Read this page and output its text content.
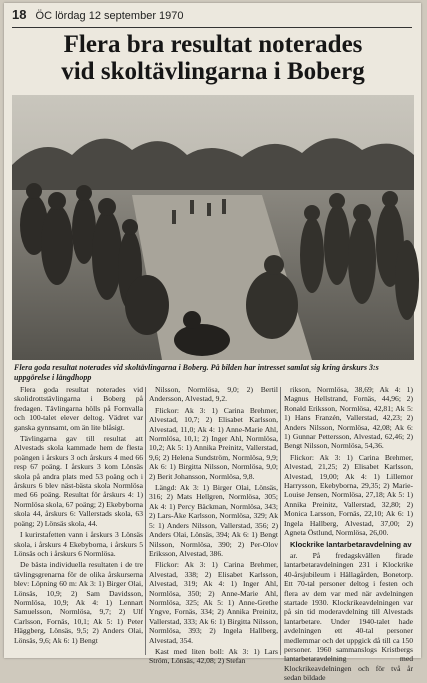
18 ÖC lördag 12 september 1970
Flera bra resultat noterades
vid skoltävlingarna i Boberg
Flera goda resultat noterades vid skoltävlingarna i Boberg. På bilden har intresset samlat sig kring årskurs 3:s uppgörelse i längdhopp

Flera goda resultat noterades vid skolidrottstävlingarna i Boberg på fredagen. Tävlingarna hölls på Fornvalla och 100-talet elever deltog. Vädret var ganska gynnsamt, om än lite blåsigt.

Tävlingarna gav till resultat att Alvestads skola kammade hem de flesta poängen i årskurs 3 och årskurs 4 med 66 resp 67 poäng. I årskurs 3 kom Lönsäs skola på andra plats med 53 poäng och i årskurs 6 blev näst-bästa skola Normlösa med 66 poäng. Resultat för årskurs 4: 1) Normlösa skola, 67 poäng; 2) Ekebyborna skola 44, årskurs 6: Vallerstads skola, 63 poäng; 2) Lönsäs skola, 44.

I kurirstafetten vann i årskurs 3 Lönsäs skola, i årskurs 4 Ekebyborna, i årskurs 5 Lönsäs och i årskurs 6 Normlösa.

De bästa individuella resultaten i de tre tävlingsgrenarna för de olika årskurserna blev: Löpning 60 m: Ak 3: 1) Birger Olai, Lönsäs, 10,9; 2) Sam Davidsson, Normlösa, 10,9; Ak 4: 1) Lennart Samuelsson, Normlösa, 9,7; 2) Ulf Carlsson, Fornäs, 10,1; Ak 5: 1) Peter Häggberg, Lönsäs, 9,5; 2) Anders Olai, Lönsäs, 9,6; Ak 6: 1) Bengt

Nilsson, Normlösa, 9,0; 2) Bertil Andersson, Alvestad, 9,2.

Flickor: Ak 3: 1) Carina Brehmer, Alvestad, 10,7; 2) Elisabet Karlsson, Alvestad, 11,0; Ak 4: 1) Anne-Marie Ahl, Normlösa, 10,1; 2) Inger Ahl, Normlösa, 10,2; Ak 5: 1) Annika Preinitz, Vallerstad, 9,6; 2) Helena Sundström, Normlösa, 9,9; Ak 6: 1) Birgitta Nilsson, Normlösa, 9,0; 2) Berit Johansson, Normlösa, 9,8.

Längd: Ak 3: 1) Birger Olai, Lönsäs, 316; 2) Mats Hellgren, Normlösa, 305; Ak 4: 1) Percy Bäckman, Normlösa, 343; 2) Lars-Åke Karlsson, Normlösa, 329; Ak 5: 1) Anders Nilsson, Vallerstad, 356; 2) Anders Olai, Lönsäs, 394; Ak 6: 1) Bengt Nilsson, Normlösa, 390; 2) Per-Olov Eriksson, Alvestad, 386.

Flickor: Ak 3: 1) Carina Brehmer, Alvestad, 338; 2) Elisabet Karlsson, Alvestad, 319; Ak 4: 1) Inger Ahl, Normlösa, 350; 2) Anne-Marie Ahl, Normlösa, 325; Ak 5: 1) Anne-Grethe Yngve, Fornäs, 334; 2) Annika Preinitz, Vallerstad, 333; Ak 6: 1) Birgitta Nilsson, Normlösa, 393; 2) Ingela Hallberg, Alvestad, 354.

Kast med liten boll: Ak 3: 1) Lars Ström, Lönsäs, 42,08; 2) Stefan

rikson, Normlösa, 38,69; Ak 4: 1) Magnus Hellstrand, Fornäs, 44,96; 2) Ronald Eriksson, Normlösa, 42,81; Ak 5: 1) Hans Franzén, Vallerstad, 42,23; 2) Anders Nilsson, Normlösa, 42,08; Ak 6: 1) Gunnar Pettersson, Alvestad, 62,46; 2) Bengt Nilsson, Normlösa, 54,36.

Flickor: Ak 3: 1) Carina Brehmer, Alvestad, 21,25; 2) Elisabet Karlsson, Alvestad, 19,00; Ak 4: 1) Lillemor Harrysson, Ekebyborna, 29,35; 2) Marie-Louise Jensen, Normlösa, 27,18; Ak 5: 1) Annika Preinitz, Vallerstad, 32,80; 2) Monica Larsson, Fornäs, 22,10; Ak 6: 1) Ingela Hallberg, Alvestad, 37,00; 2) Agneta Östlund, Normlösa, 26,00.

Klockrike lantarbetaravdelning av

ar. På fredagskvällen firade lantarbetaravdelningen 231 i Klockrike 40-årsjubileum i Hällagården, Bonetorp. Ett 70-tal personer deltog i festen och flera av dem var med när avdelningen startade 1930. Klockrikeavdelningen var på sin tid moderavdelning till Alvestads lantarbetare. Under 1940-talet hade avdelningen ett 40-tal personer medlemmar och det uppgick då till ca 150 personer. 1960 sammanslogs Kristbergs lantarbetaravdelning med Klockrikeavdelningen och för två år sedan bildade
